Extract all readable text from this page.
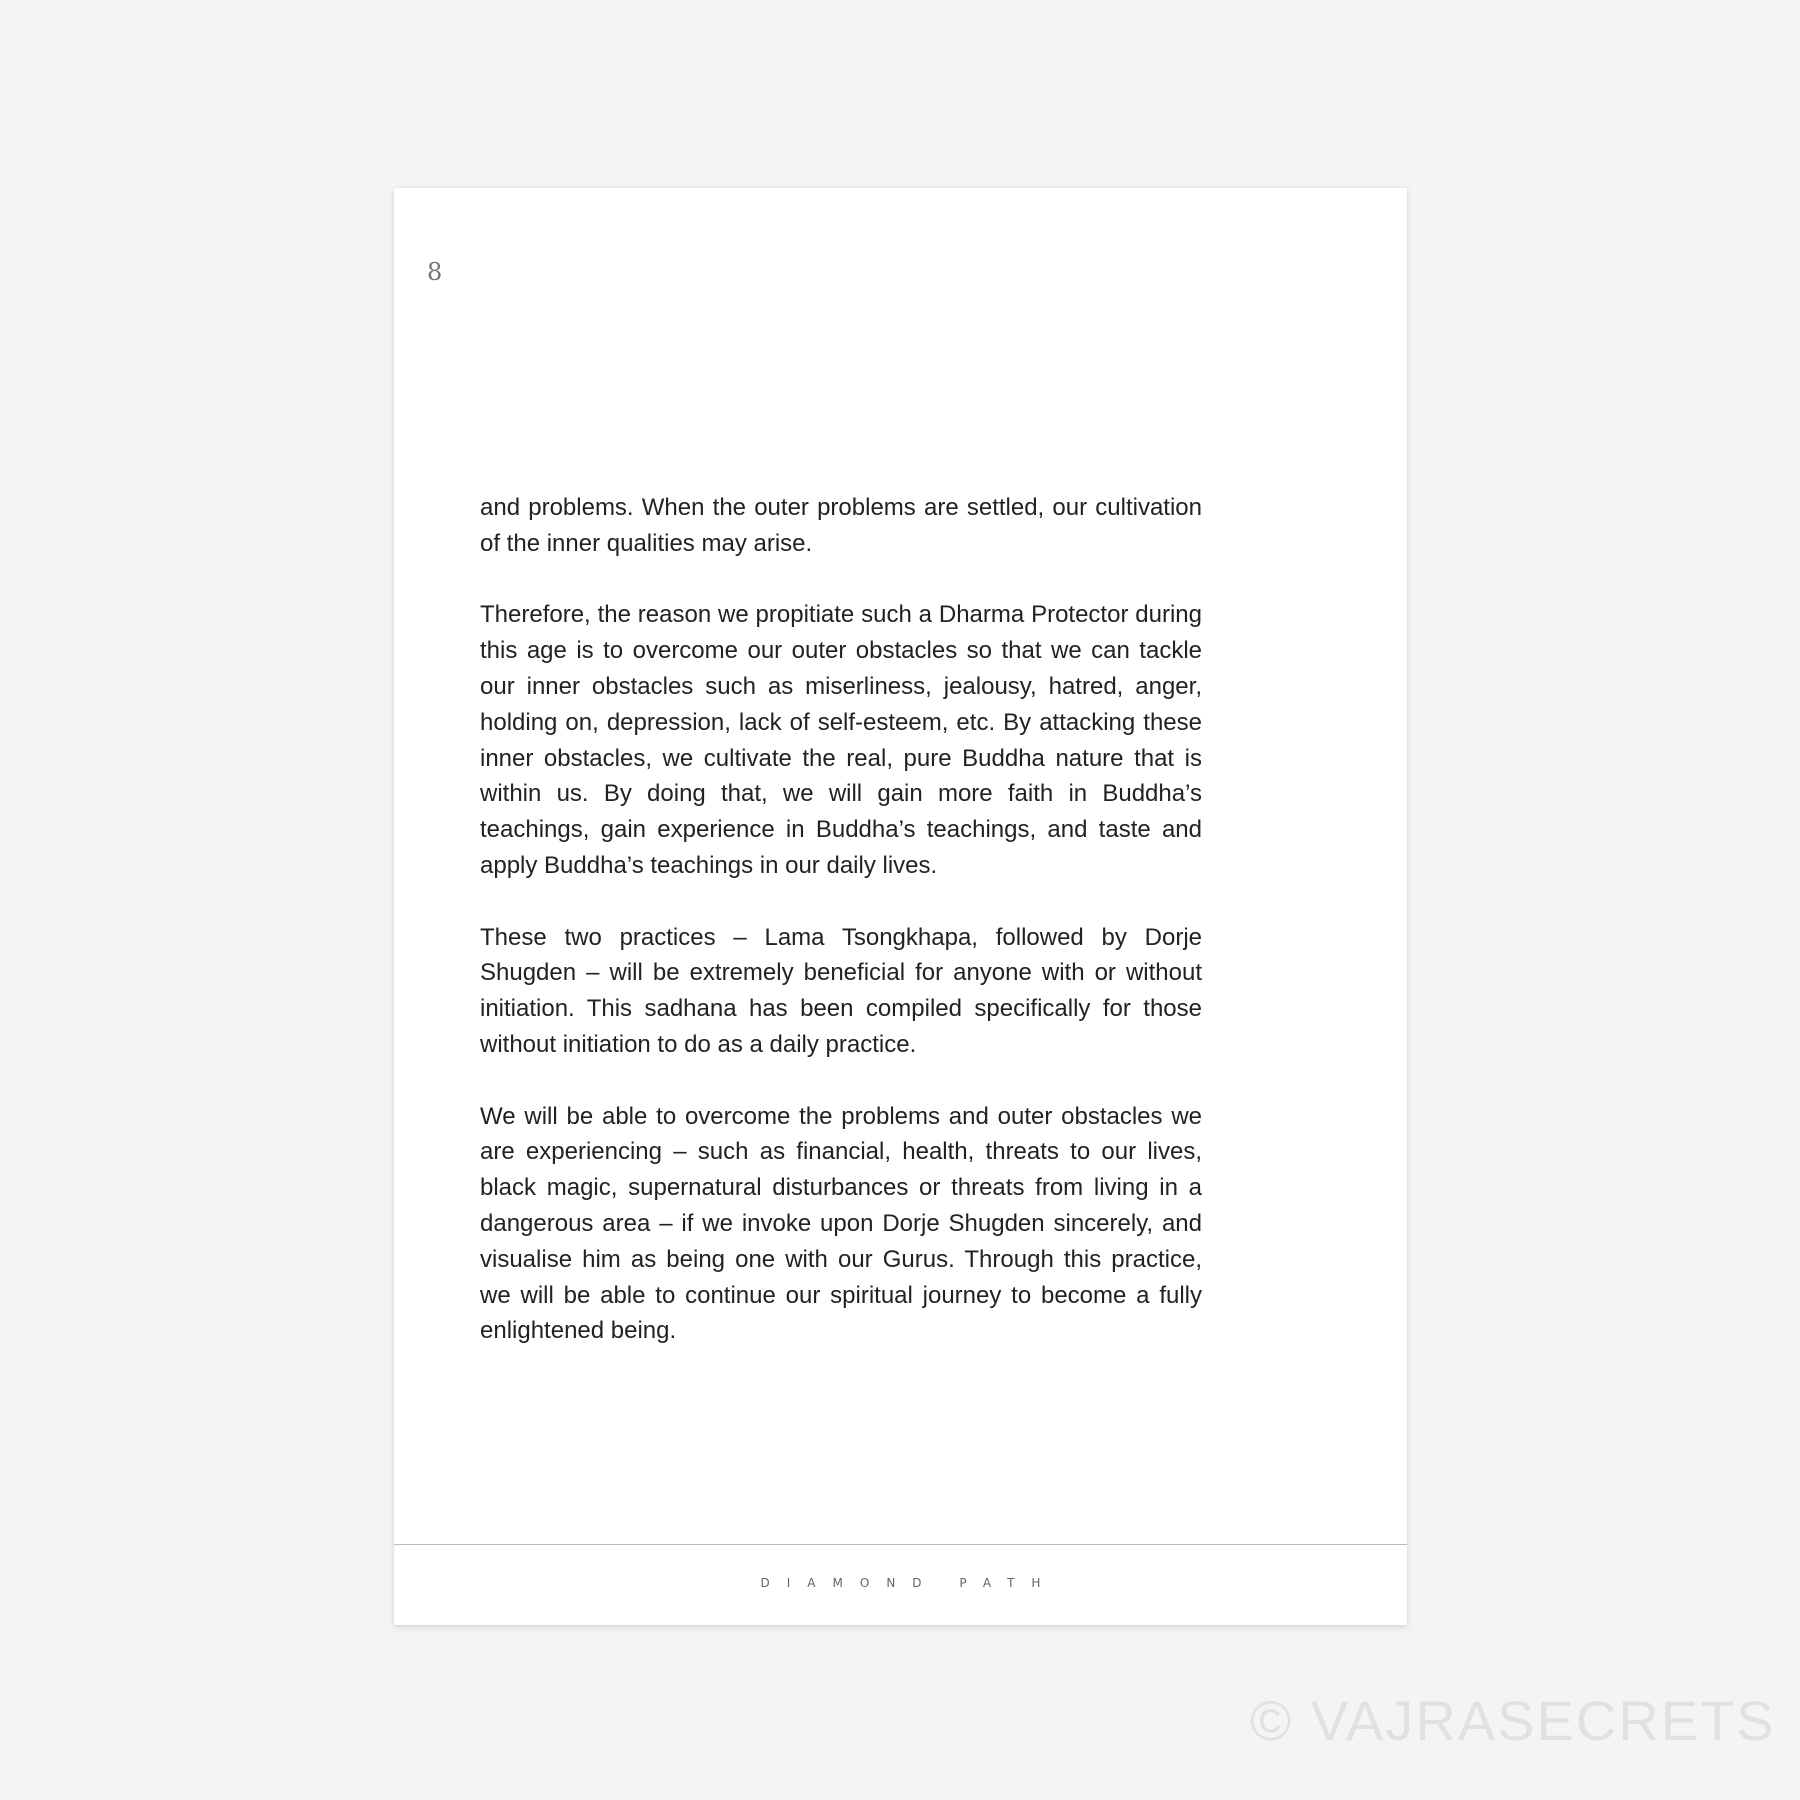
8

and problems. When the outer problems are settled, our cultivation of the inner qualities may arise.

Therefore, the reason we propitiate such a Dharma Protector during this age is to overcome our outer obstacles so that we can tackle our inner obstacles such as miserliness, jealousy, hatred, anger, holding on, depression, lack of self-esteem, etc. By attacking these inner obstacles, we cultivate the real, pure Buddha nature that is within us. By doing that, we will gain more faith in Buddha’s teachings, gain experience in Buddha’s teachings, and taste and apply Buddha’s teachings in our daily lives.

These two practices – Lama Tsongkhapa, followed by Dorje Shugden – will be extremely beneficial for anyone with or without initiation. This sadhana has been compiled specifically for those without initiation to do as a daily practice.

We will be able to overcome the problems and outer obstacles we are experiencing – such as financial, health, threats to our lives, black magic, supernatural disturbances or threats from living in a dangerous area – if we invoke upon Dorje Shugden sincerely, and visualise him as being one with our Gurus. Through this practice, we will be able to continue our spiritual journey to become a fully enlightened being.

DIAMOND PATH
© VAJRASECRETS
